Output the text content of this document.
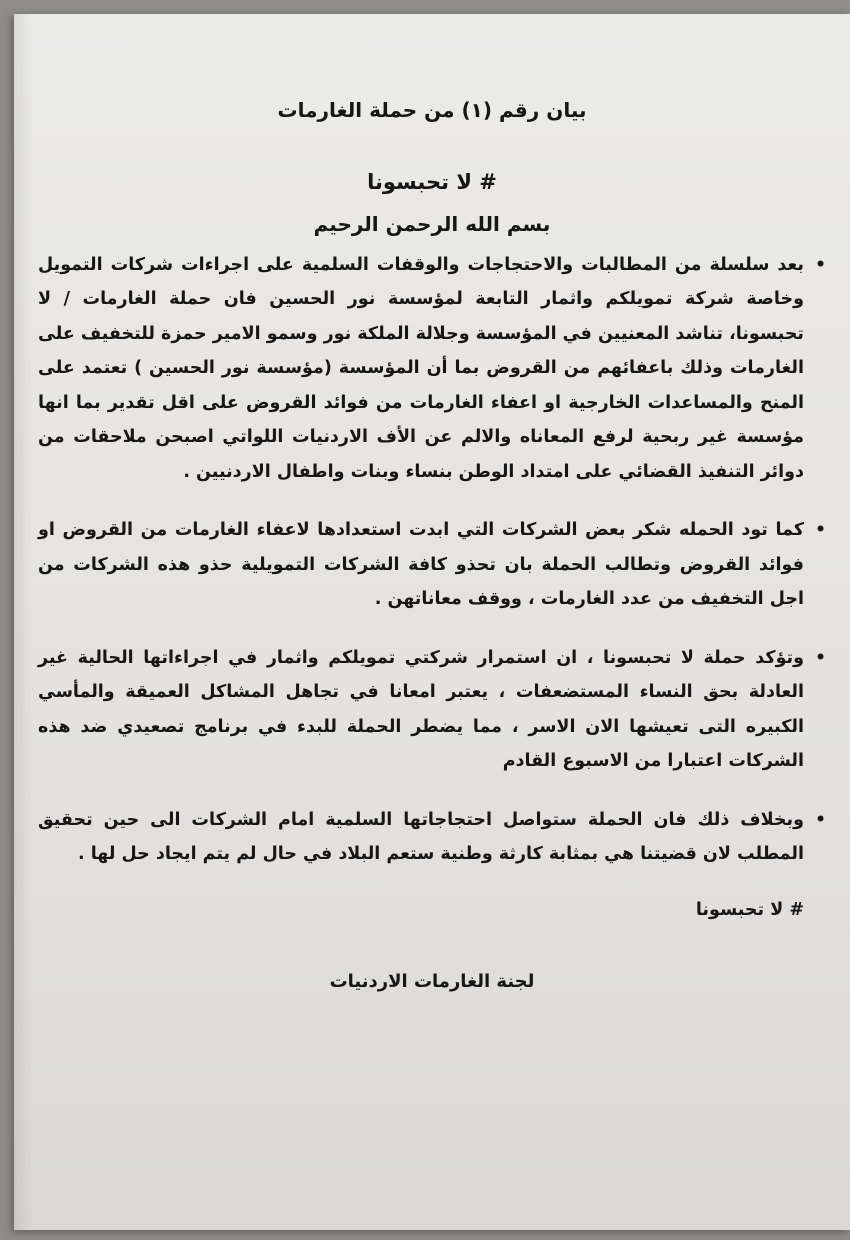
بيان رقم (١) من حملة الغارمات
# لا تحبسونا
بسم الله الرحمن الرحيم
•
بعد سلسلة من المطالبات والاحتجاجات والوقفات السلمية على اجراءات شركات التمويل وخاصة شركة تمويلكم واثمار التابعة لمؤسسة نور الحسين فان حملة الغارمات / لا تحبسونا، تناشد المعنيين في المؤسسة وجلالة الملكة نور وسمو الامير حمزة للتخفيف على الغارمات وذلك باعفائهم من القروض بما أن المؤسسة (مؤسسة نور الحسين ) تعتمد على المنح والمساعدات الخارجية او اعفاء الغارمات من فوائد القروض على اقل تقدير بما انها مؤسسة غير ربحية لرفع المعاناه والالم عن الأف الاردنيات اللواتي اصبحن ملاحقات من دوائر التنفيذ القضائي على امتداد الوطن بنساء وبنات واطفال الاردنيين .
•
كما تود الحمله شكر بعض الشركات التي ابدت استعدادها لاعفاء الغارمات من القروض او فوائد القروض وتطالب الحملة بان تحذو كافة الشركات التمويلية حذو هذه الشركات من اجل التخفيف من عدد الغارمات ، ووقف معاناتهن .
•
وتؤكد حملة لا تحبسونا ، ان استمرار شركتي تمويلكم واثمار في اجراءاتها الحالية غير العادلة بحق النساء المستضعفات ، يعتبر امعانا في تجاهل المشاكل العميقة والمأسي الكبيره التى تعيشها الان الاسر ، مما يضطر الحملة للبدء في برنامج تصعيدي ضد هذه الشركات اعتبارا من الاسبوع القادم
•
وبخلاف ذلك فان الحملة ستواصل احتجاجاتها السلمية امام الشركات الى حين تحقيق المطلب لان قضيتنا هي بمثابة كارثة وطنية ستعم البلاد في حال لم يتم ايجاد حل لها .
# لا تحبسونا
لجنة الغارمات الاردنيات
